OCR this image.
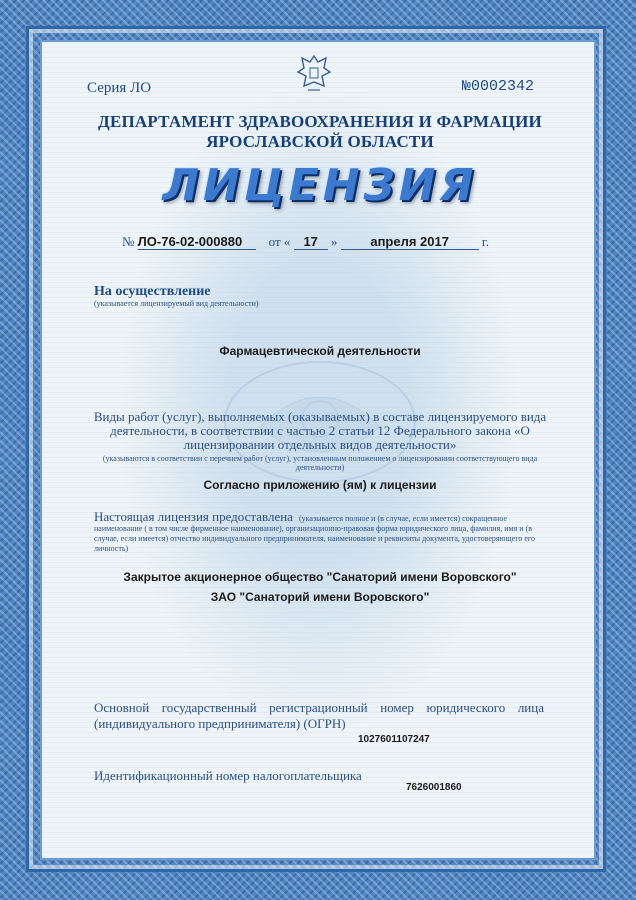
Серия ЛО	№0002342
ДЕПАРТАМЕНТ ЗДРАВООХРАНЕНИЯ И ФАРМАЦИИ
ЯРОСЛАВСКОЙ ОБЛАСТИ
ЛИЦЕНЗИЯ
№ ЛО-76-02-000880 от « 17 »	апреля 2017	г.
На осуществление
(указывается лицензируемый вид деятельности)
Фармацевтической деятельности
Виды работ (услуг), выполняемых (оказываемых) в составе лицензируемого вида деятельности, в соответствии с частью 2 статьи 12 Федерального закона «О лицензировании отдельных видов деятельности»
(указываются в соответствии с перечнем работ (услуг), установленным положением о лицензировании соответствующего вида деятельности)
Согласно приложению (ям) к лицензии
Настоящая лицензия предоставлена (указывается полное и (в случае, если имеется) сокращенное наименование ( в том числе фирменное наименование), организационно-правовая форма юридического лица, фамилия, имя и (в случае, если имеется) отчество индивидуального предпринимателя, наименование и реквизиты документа, удостоверяющего его личность)
Закрытое акционерное общество "Санаторий имени Воровского"
ЗАО "Санаторий имени Воровского"
Основной государственный регистрационный номер юридического лица (индивидуального предпринимателя) (ОГРН)
1027601107247
Идентификационный номер налогоплательщика
7626001860
